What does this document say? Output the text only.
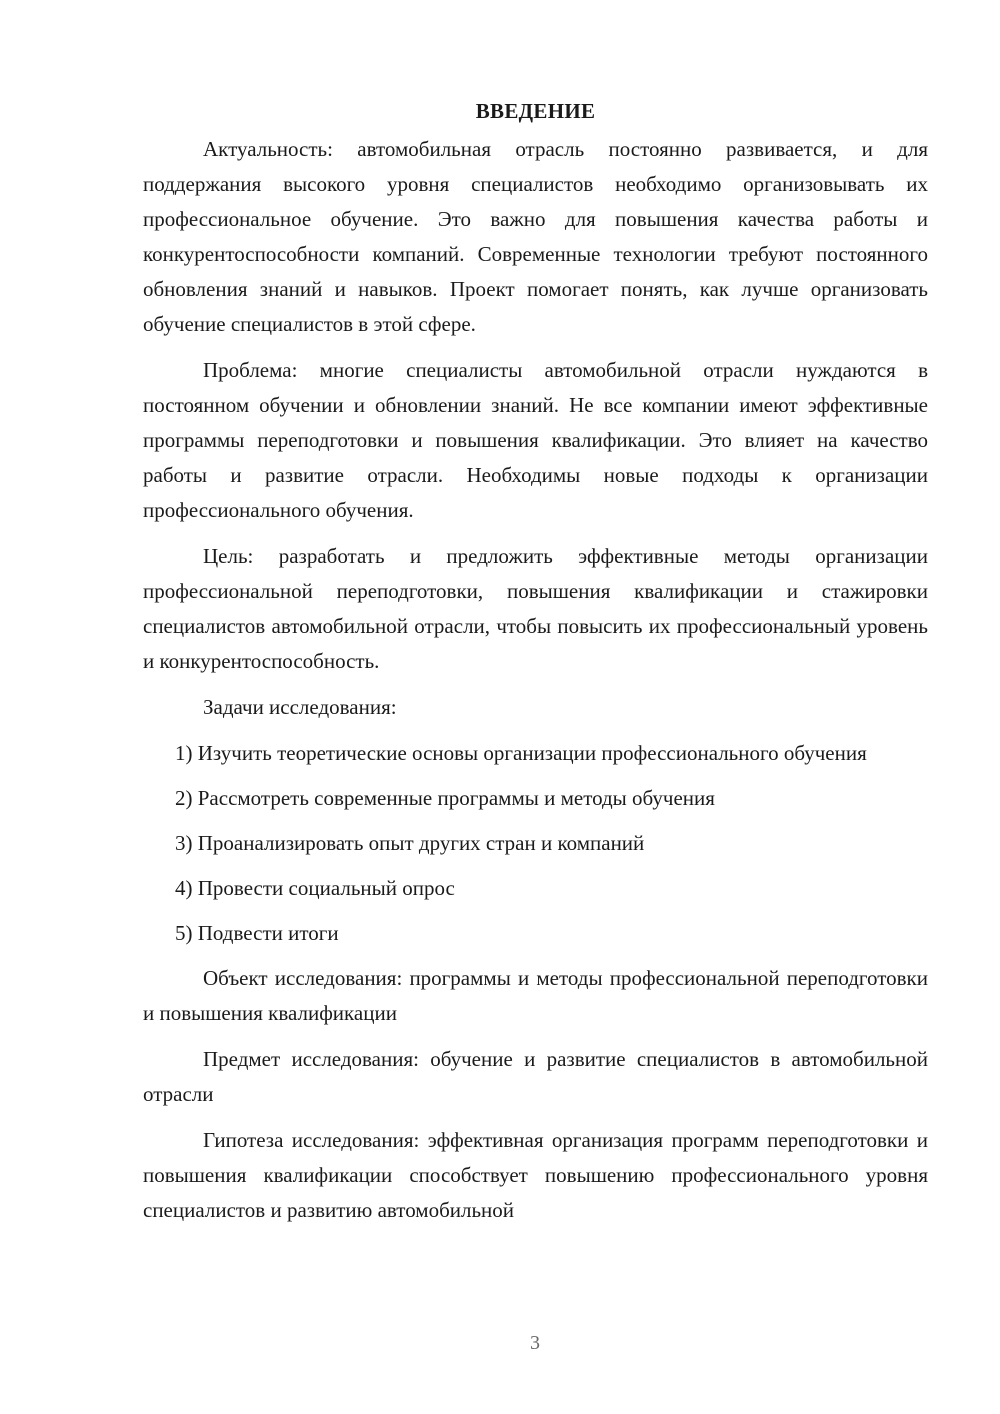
ВВЕДЕНИЕ

Актуальность: автомобильная отрасль постоянно развивается, и для поддержания высокого уровня специалистов необходимо организовывать их профессиональное обучение. Это важно для повышения качества работы и конкурентоспособности компаний. Современные технологии требуют постоянного обновления знаний и навыков. Проект помогает понять, как лучше организовать обучение специалистов в этой сфере.

Проблема: многие специалисты автомобильной отрасли нуждаются в постоянном обучении и обновлении знаний. Не все компании имеют эффективные программы переподготовки и повышения квалификации. Это влияет на качество работы и развитие отрасли. Необходимы новые подходы к организации профессионального обучения.

Цель: разработать и предложить эффективные методы организации профессиональной переподготовки, повышения квалификации и стажировки специалистов автомобильной отрасли, чтобы повысить их профессиональный уровень и конкурентоспособность.

Задачи исследования:

1) Изучить теоретические основы организации профессионального обучения

2) Рассмотреть современные программы и методы обучения

3) Проанализировать опыт других стран и компаний

4) Провести социальный опрос

5) Подвести итоги

Объект исследования: программы и методы профессиональной переподготовки и повышения квалификации

Предмет исследования: обучение и развитие специалистов в автомобильной отрасли

Гипотеза исследования: эффективная организация программ переподготовки и повышения квалификации способствует повышению профессионального уровня специалистов и развитию автомобильной

3
